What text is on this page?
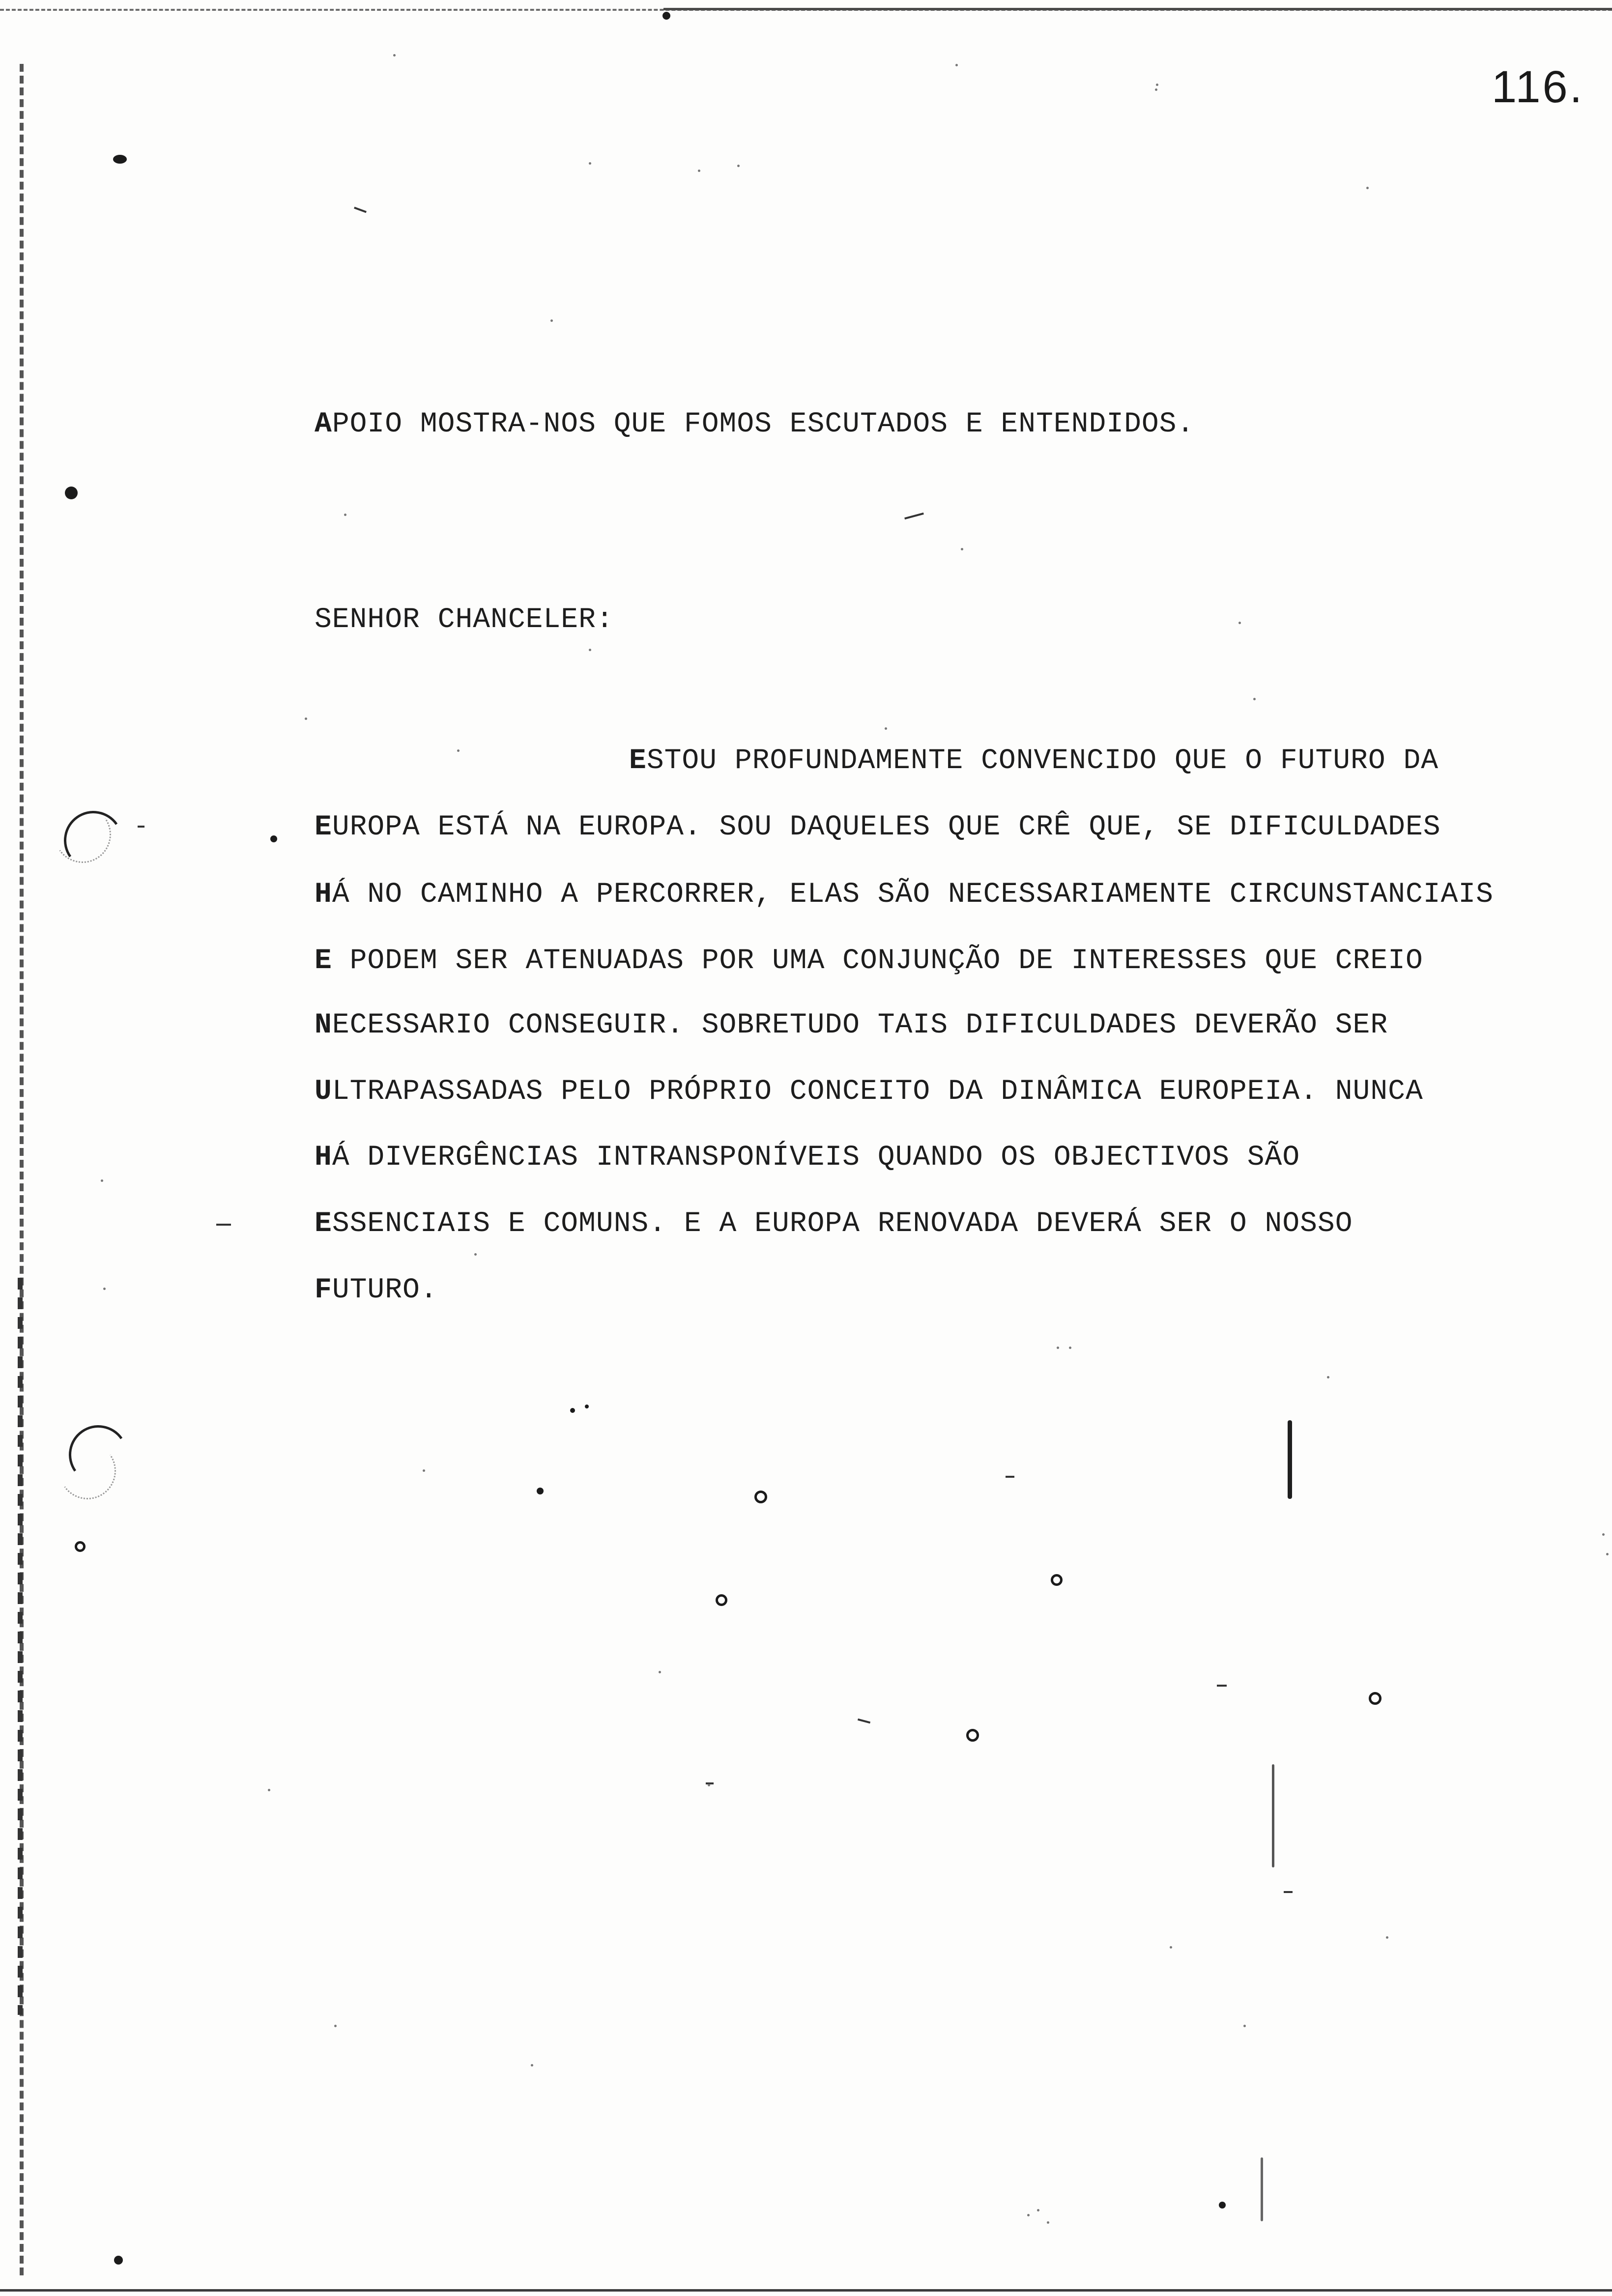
116.
APOIO MOSTRA-NOS QUE FOMOS ESCUTADOS E ENTENDIDOS.
SENHOR CHANCELER:
ESTOU PROFUNDAMENTE CONVENCIDO QUE O FUTURO DA
EUROPA ESTÁ NA EUROPA. SOU DAQUELES QUE CRÊ QUE, SE DIFICULDADES
HÁ NO CAMINHO A PERCORRER, ELAS SÃO NECESSARIAMENTE CIRCUNSTANCIAIS
E PODEM SER ATENUADAS POR UMA CONJUNÇÃO DE INTERESSES QUE CREIO
NECESSARIO CONSEGUIR. SOBRETUDO TAIS DIFICULDADES DEVERÃO SER
ULTRAPASSADAS PELO PRÓPRIO CONCEITO DA DINÂMICA EUROPEIA. NUNCA
HÁ DIVERGÊNCIAS INTRANSPONÍVEIS QUANDO OS OBJECTIVOS SÃO
ESSENCIAIS E COMUNS. E A EUROPA RENOVADA DEVERÁ SER O NOSSO
FUTURO.
